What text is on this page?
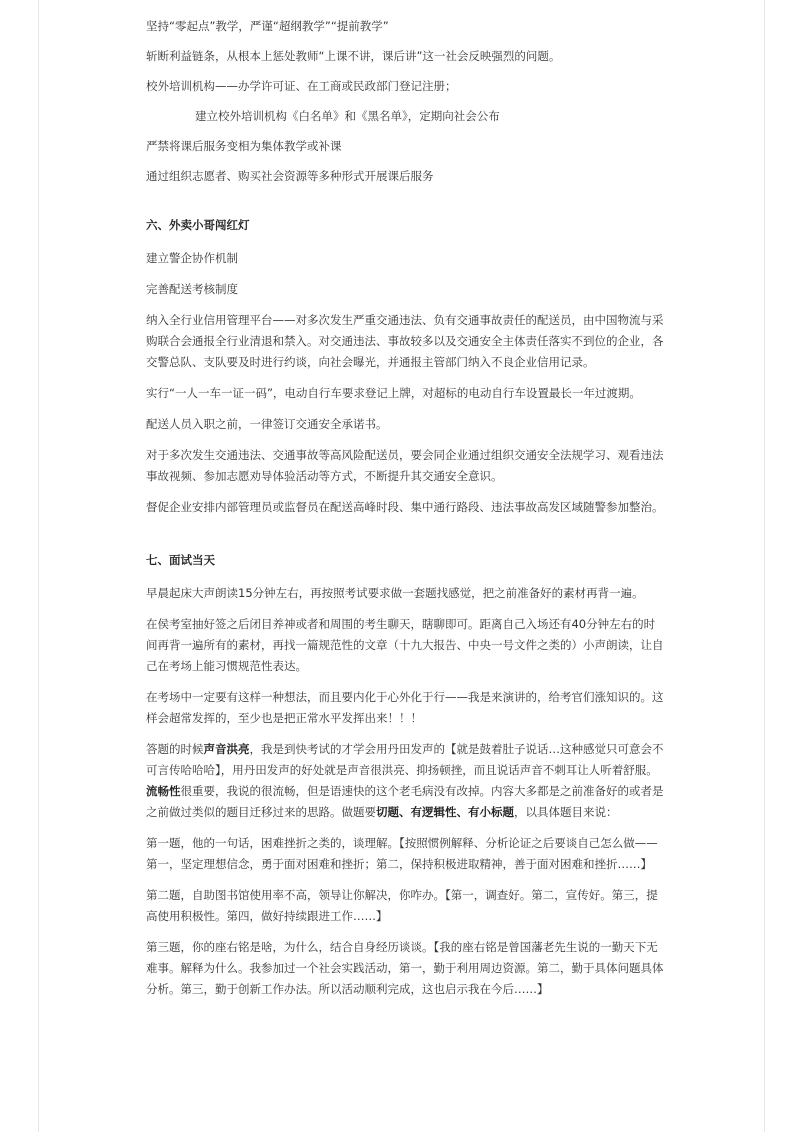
坚持“零起点”教学，严谨“超纲教学”“提前教学”

斩断利益链条，从根本上惩处教师“上课不讲，课后讲”这一社会反映强烈的问题。

校外培训机构——办学许可证、在工商或民政部门登记注册；

建立校外培训机构《白名单》和《黑名单》，定期向社会公布

严禁将课后服务变相为集体教学或补课

通过组织志愿者、购买社会资源等多种形式开展课后服务

六、外卖小哥闯红灯

建立警企协作机制

完善配送考核制度

纳入全行业信用管理平台——对多次发生严重交通违法、负有交通事故责任的配送员，由中国物流与采购联合会通报全行业清退和禁入。对交通违法、事故较多以及交通安全主体责任落实不到位的企业，各交警总队、支队要及时进行约谈，向社会曝光，并通报主管部门纳入不良企业信用记录。

实行“一人一车一证一码”，电动自行车要求登记上牌，对超标的电动自行车设置最长一年过渡期。

配送人员入职之前，一律签订交通安全承诺书。

对于多次发生交通违法、交通事故等高风险配送员，要会同企业通过组织交通安全法规学习、观看违法事故视频、参加志愿劝导体验活动等方式，不断提升其交通安全意识。

督促企业安排内部管理员或监督员在配送高峰时段、集中通行路段、违法事故高发区域随警参加整治。

七、面试当天

早晨起床大声朗读15分钟左右，再按照考试要求做一套题找感觉，把之前准备好的素材再背一遍。

在侯考室抽好签之后闭目养神或者和周围的考生聊天，瞎聊即可。距离自己入场还有40分钟左右的时间再背一遍所有的素材，再找一篇规范性的文章（十九大报告、中央一号文件之类的）小声朗读，让自己在考场上能习惯规范性表达。

在考场中一定要有这样一种想法，而且要内化于心外化于行——我是来演讲的，给考官们涨知识的。这样会超常发挥的，至少也是把正常水平发挥出来！！！

答题的时候声音洪亮，我是到快考试的才学会用丹田发声的【就是鼓着肚子说话…这种感觉只可意会不可言传哈哈哈】，用丹田发声的好处就是声音很洪亮、抑扬顿挫，而且说话声音不刺耳让人听着舒服。流畅性很重要，我说的很流畅，但是语速快的这个老毛病没有改掉。内容大多都是之前准备好的或者是之前做过类似的题目迁移过来的思路。做题要切题、有逻辑性、有小标题，以具体题目来说：

第一题，他的一句话，困难挫折之类的，谈理解。【按照惯例解释、分析论证之后要谈自己怎么做——第一，坚定理想信念，勇于面对困难和挫折；第二，保持积极进取精神，善于面对困难和挫折……】

第二题，自助图书馆使用率不高，领导让你解决，你咋办。【第一，调查好。第二，宣传好。第三，提高使用积极性。第四，做好持续跟进工作……】

第三题，你的座右铭是啥，为什么，结合自身经历谈谈。【我的座右铭是曾国藩老先生说的一勤天下无难事。解释为什么。我参加过一个社会实践活动，第一，勤于利用周边资源。第二，勤于具体问题具体分析。第三，勤于创新工作办法。所以活动顺利完成，这也启示我在今后……】
